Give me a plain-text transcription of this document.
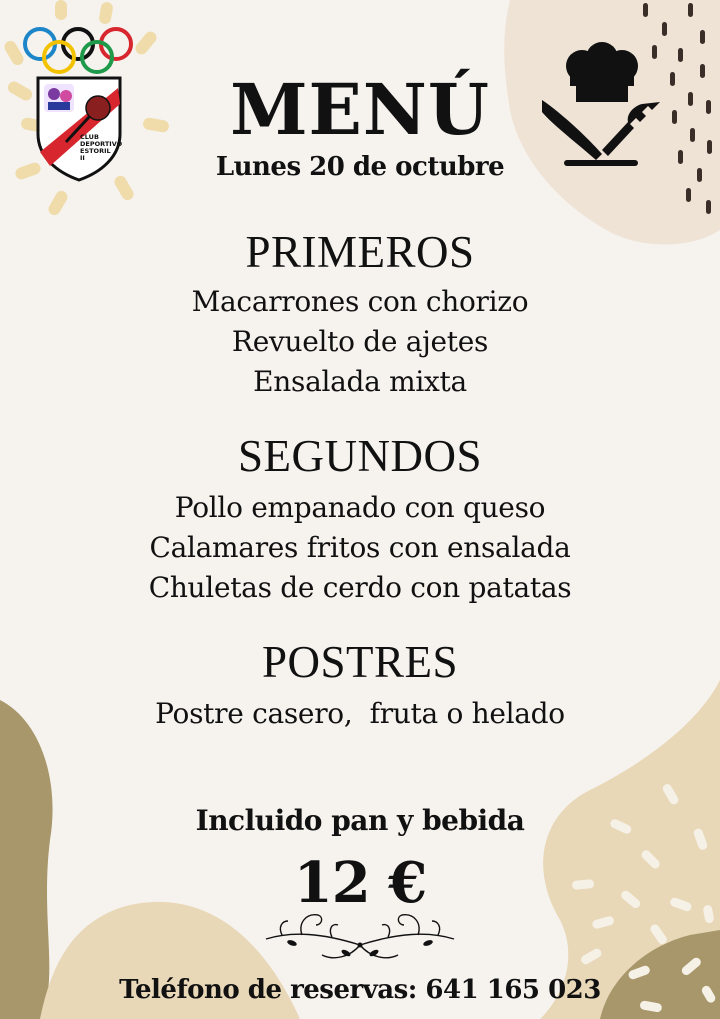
CLUB
DEPORTIVO
ESTORIL
II
MENÚ
Lunes 20 de octubre
PRIMEROS
Macarrones con chorizo
Revuelto de ajetes
Ensalada mixta
SEGUNDOS
Pollo empanado con queso
Calamares fritos con ensalada
Chuletas de cerdo con patatas
POSTRES
Postre casero,  fruta o helado
Incluido pan y bebida
12 €
Teléfono de reservas: 641 165 023
